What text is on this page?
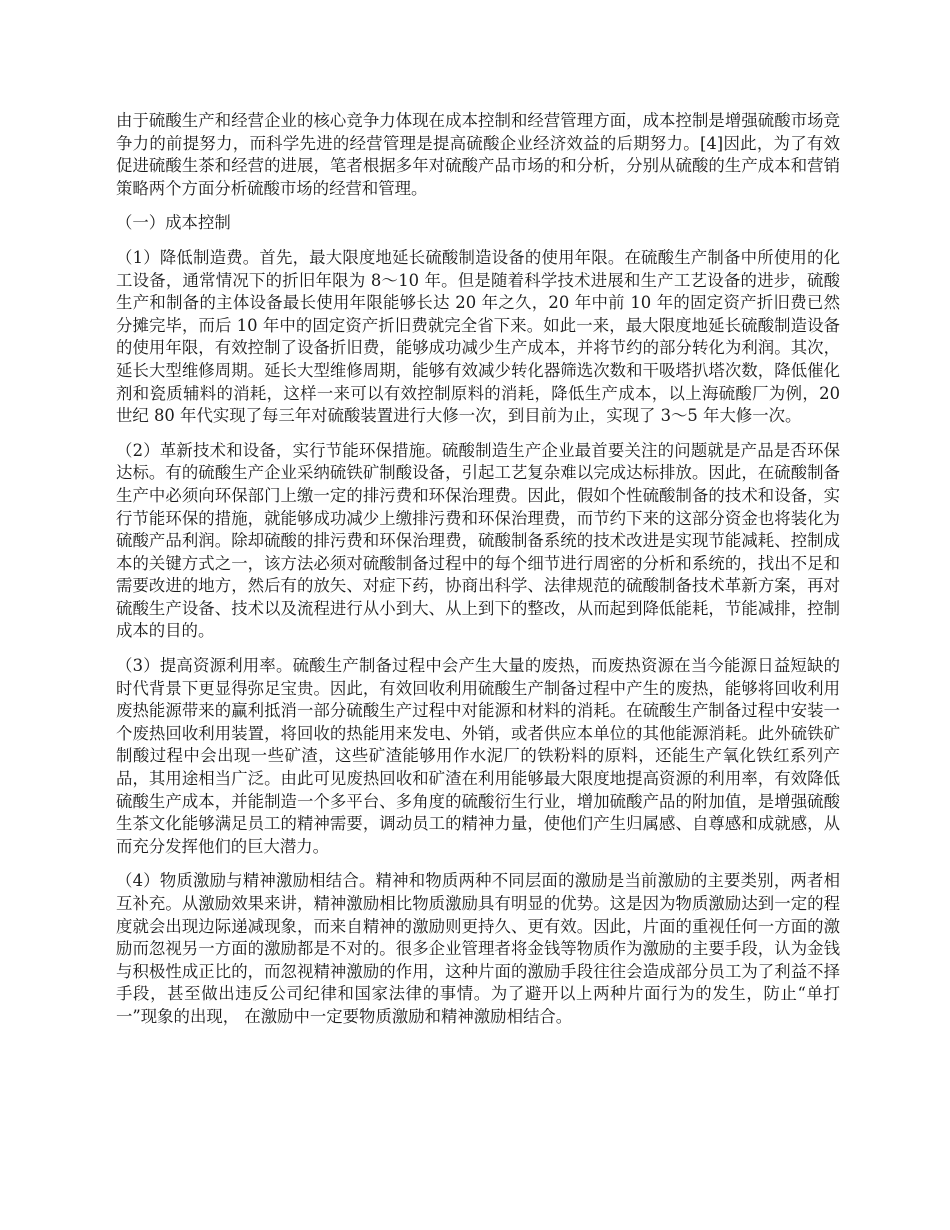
由于硫酸生产和经营企业的核心竞争力体现在成本控制和经营管理方面，成本控制是增强硫酸市场竞争力的前提努力，而科学先进的经营管理是提高硫酸企业经济效益的后期努力。[4]因此，为了有效促进硫酸生茶和经营的进展，笔者根据多年对硫酸产品市场的和分析，分别从硫酸的生产成本和营销策略两个方面分析硫酸市场的经营和管理。

（一）成本控制

（1）降低制造费。首先，最大限度地延长硫酸制造设备的使用年限。在硫酸生产制备中所使用的化工设备，通常情况下的折旧年限为 8～10 年。但是随着科学技术进展和生产工艺设备的进步，硫酸生产和制备的主体设备最长使用年限能够长达 20 年之久，20 年中前 10 年的固定资产折旧费已然分摊完毕，而后 10 年中的固定资产折旧费就完全省下来。如此一来，最大限度地延长硫酸制造设备的使用年限，有效控制了设备折旧费，能够成功减少生产成本，并将节约的部分转化为利润。其次，延长大型维修周期。延长大型维修周期，能够有效减少转化器筛选次数和干吸塔扒塔次数，降低催化剂和瓷质辅料的消耗，这样一来可以有效控制原料的消耗，降低生产成本，以上海硫酸厂为例，20 世纪 80 年代实现了每三年对硫酸装置进行大修一次，到目前为止，实现了 3～5 年大修一次。

（2）革新技术和设备，实行节能环保措施。硫酸制造生产企业最首要关注的问题就是产品是否环保达标。有的硫酸生产企业采纳硫铁矿制酸设备，引起工艺复杂难以完成达标排放。因此，在硫酸制备生产中必须向环保部门上缴一定的排污费和环保治理费。因此，假如个性硫酸制备的技术和设备，实行节能环保的措施，就能够成功减少上缴排污费和环保治理费，而节约下来的这部分资金也将装化为硫酸产品利润。除却硫酸的排污费和环保治理费，硫酸制备系统的技术改进是实现节能减耗、控制成本的关键方式之一，该方法必须对硫酸制备过程中的每个细节进行周密的分析和系统的，找出不足和需要改进的地方，然后有的放矢、对症下药，协商出科学、法律规范的硫酸制备技术革新方案，再对硫酸生产设备、技术以及流程进行从小到大、从上到下的整改，从而起到降低能耗，节能减排，控制成本的目的。

（3）提高资源利用率。硫酸生产制备过程中会产生大量的废热，而废热资源在当今能源日益短缺的时代背景下更显得弥足宝贵。因此，有效回收利用硫酸生产制备过程中产生的废热，能够将回收利用废热能源带来的赢利抵消一部分硫酸生产过程中对能源和材料的消耗。在硫酸生产制备过程中安装一个废热回收利用装置，将回收的热能用来发电、外销，或者供应本单位的其他能源消耗。此外硫铁矿制酸过程中会出现一些矿渣，这些矿渣能够用作水泥厂的铁粉料的原料，还能生产氧化铁红系列产品，其用途相当广泛。由此可见废热回收和矿渣在利用能够最大限度地提高资源的利用率，有效降低硫酸生产成本，并能制造一个多平台、多角度的硫酸衍生行业，增加硫酸产品的附加值，是增强硫酸生茶文化能够满足员工的精神需要，调动员工的精神力量，使他们产生归属感、自尊感和成就感，从而充分发挥他们的巨大潜力。

（4）物质激励与精神激励相结合。精神和物质两种不同层面的激励是当前激励的主要类别，两者相互补充。从激励效果来讲，精神激励相比物质激励具有明显的优势。这是因为物质激励达到一定的程度就会出现边际递减现象，而来自精神的激励则更持久、更有效。因此，片面的重视任何一方面的激励而忽视另一方面的激励都是不对的。很多企业管理者将金钱等物质作为激励的主要手段，认为金钱与积极性成正比的，而忽视精神激励的作用，这种片面的激励手段往往会造成部分员工为了利益不择手段，甚至做出违反公司纪律和国家法律的事情。为了避开以上两种片面行为的发生，防止“单打一”现象的出现， 在激励中一定要物质激励和精神激励相结合。
